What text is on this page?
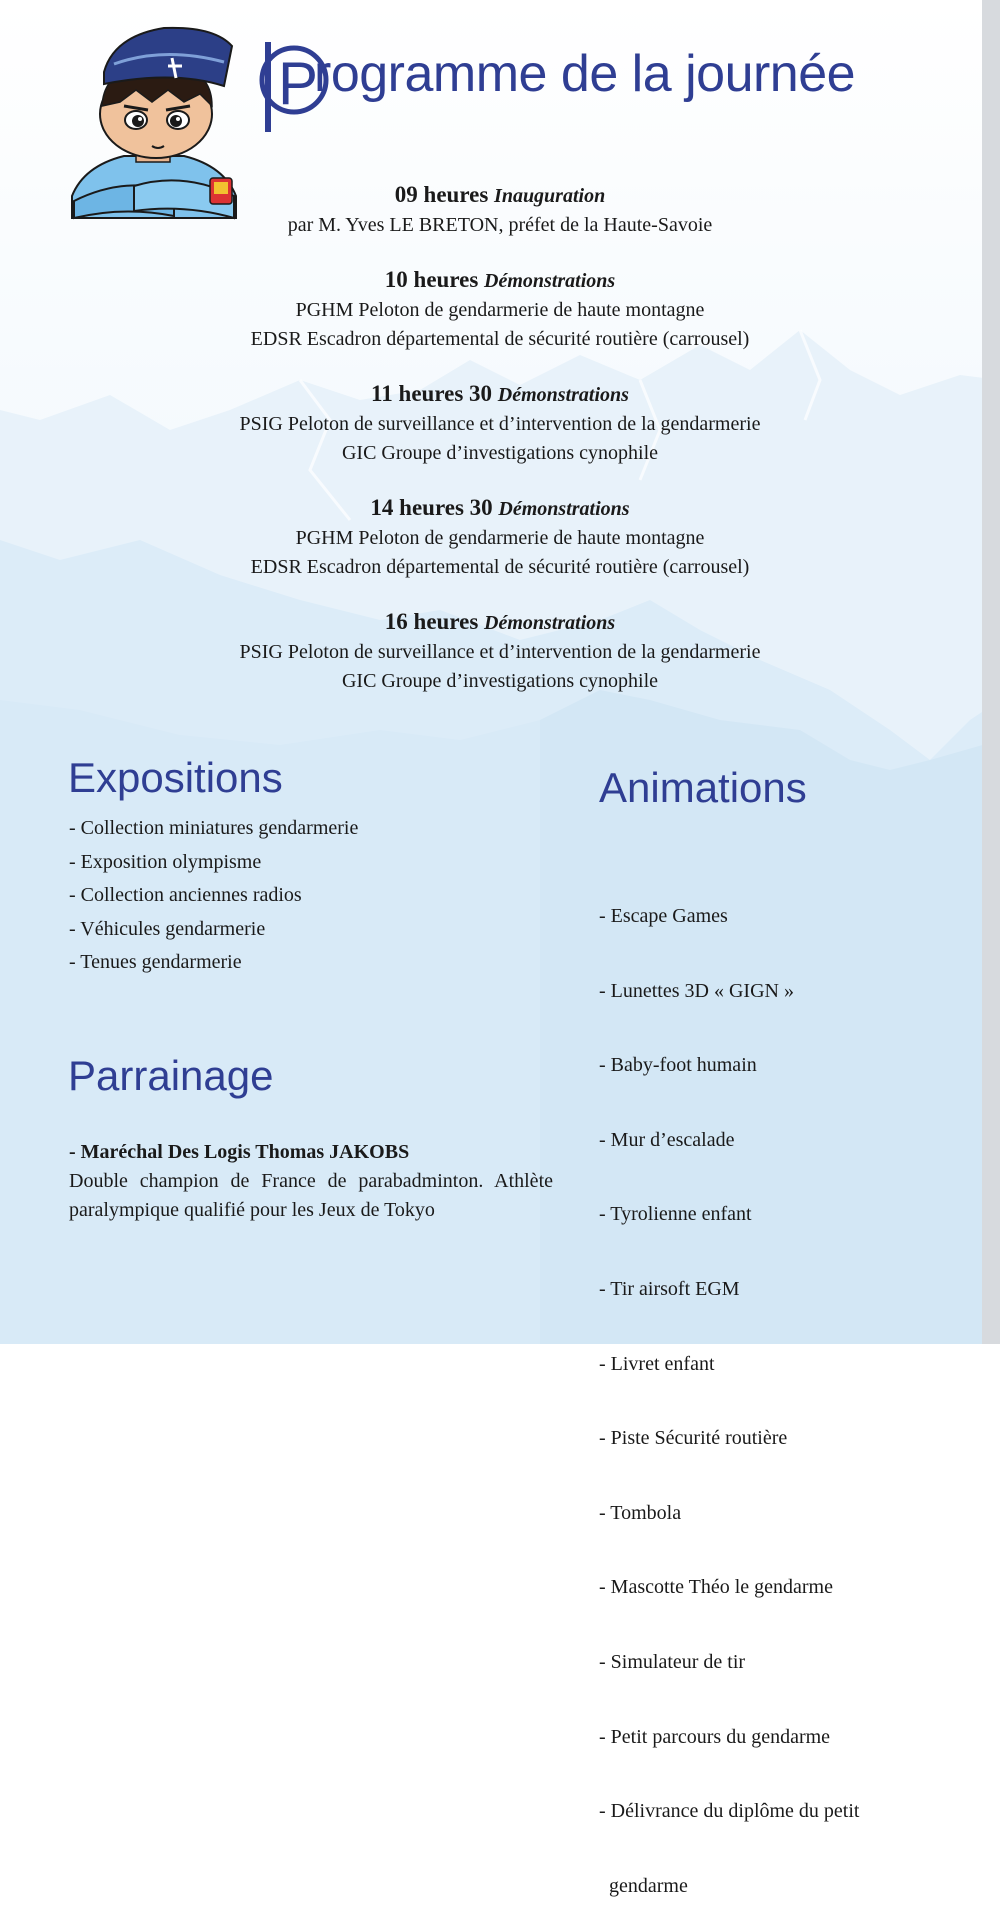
P
rogramme de la journée
09 heures Inauguration
par M. Yves LE BRETON, préfet de la Haute-Savoie
10 heures Démonstrations
PGHM Peloton de gendarmerie de haute montagne
EDSR Escadron départemental de sécurité routière (carrousel)
11 heures 30 Démonstrations
PSIG Peloton de surveillance et d’intervention de la gendarmerie
GIC Groupe d’investigations cynophile
14 heures 30 Démonstrations
PGHM Peloton de gendarmerie de haute montagne
EDSR Escadron départemental de sécurité routière (carrousel)
16 heures Démonstrations
PSIG Peloton de surveillance et d’intervention de la gendarmerie
GIC Groupe d’investigations cynophile
Expositions
- Collection miniatures gendarmerie
- Exposition olympisme
- Collection anciennes radios
- Véhicules gendarmerie
- Tenues gendarmerie
Parrainage
- Maréchal Des Logis Thomas JAKOBS
Double champion de France de parabadminton. Athlète paralympique qualifié pour les Jeux de Tokyo
Animations

- Escape Games

- Lunettes 3D « GIGN »

- Baby-foot humain

- Mur d’escalade

- Tyrolienne enfant

- Tir airsoft EGM

- Livret enfant

- Piste Sécurité routière

- Tombola

- Mascotte Théo le gendarme

- Simulateur de tir

- Petit parcours du gendarme

- Délivrance du diplôme du petit

gendarme
